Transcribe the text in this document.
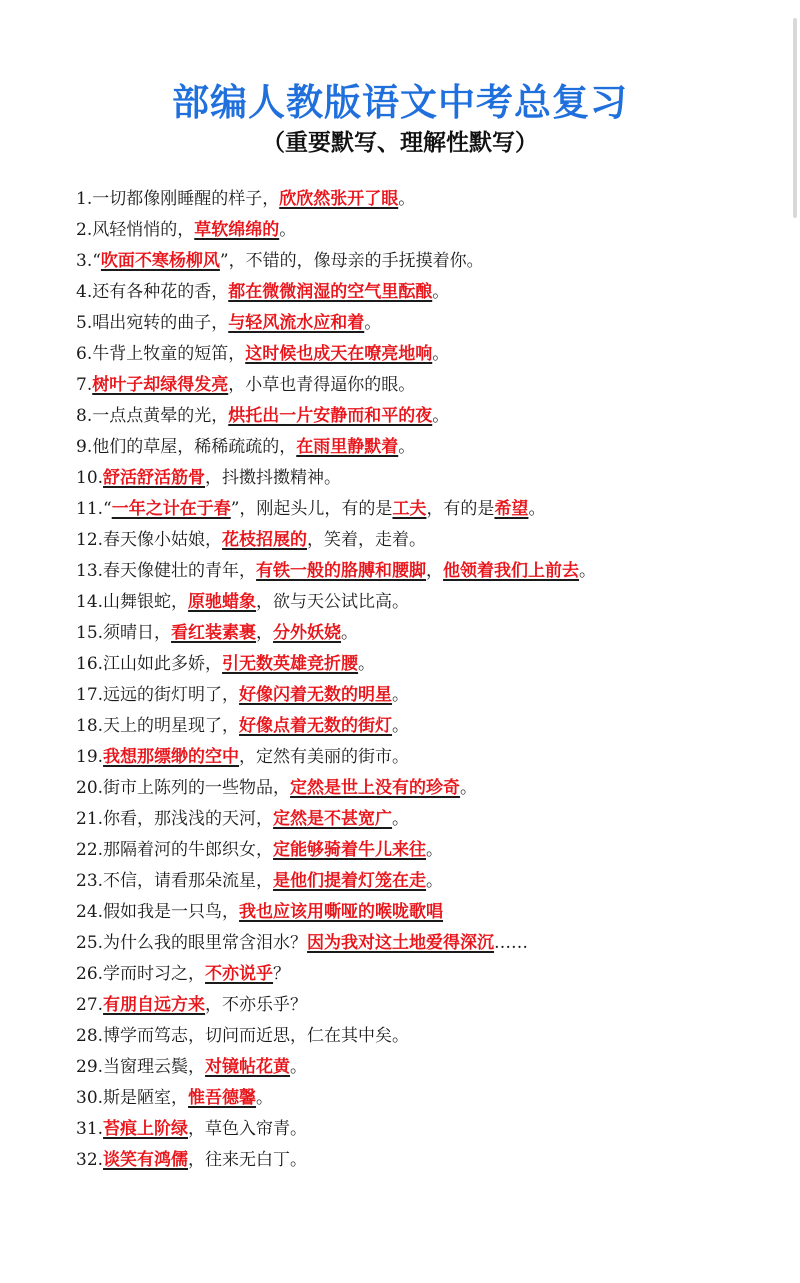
部编人教版语文中考总复习
（重要默写、理解性默写）
1.一切都像刚睡醒的样子，欣欣然张开了眼。
2.风轻悄悄的，草软绵绵的。
3.“吹面不寒杨柳风”，不错的，像母亲的手抚摸着你。
4.还有各种花的香，都在微微润湿的空气里酝酿。
5.唱出宛转的曲子，与轻风流水应和着。
6.牛背上牧童的短笛，这时候也成天在嘹亮地响。
7.树叶子却绿得发亮，小草也青得逼你的眼。
8.一点点黄晕的光，烘托出一片安静而和平的夜。
9.他们的草屋，稀稀疏疏的，在雨里静默着。
10.舒活舒活筋骨，抖擞抖擞精神。
11.“一年之计在于春”，刚起头儿，有的是工夫，有的是希望。
12.春天像小姑娘，花枝招展的，笑着，走着。
13.春天像健壮的青年，有铁一般的胳膊和腰脚，他领着我们上前去。
14.山舞银蛇，原驰蜡象，欲与天公试比高。
15.须晴日，看红装素裹，分外妖娆。
16.江山如此多娇，引无数英雄竞折腰。
17.远远的街灯明了，好像闪着无数的明星。
18.天上的明星现了，好像点着无数的街灯。
19.我想那缥缈的空中，定然有美丽的街市。
20.街市上陈列的一些物品，定然是世上没有的珍奇。
21.你看，那浅浅的天河，定然是不甚宽广。
22.那隔着河的牛郎织女，定能够骑着牛儿来往。
23.不信，请看那朵流星，是他们提着灯笼在走。
24.假如我是一只鸟，我也应该用嘶哑的喉咙歌唱
25.为什么我的眼里常含泪水？因为我对这土地爱得深沉……
26.学而时习之，不亦说乎？
27.有朋自远方来，不亦乐乎？
28.博学而笃志，切问而近思，仁在其中矣。
29.当窗理云鬓，对镜帖花黄。
30.斯是陋室，惟吾德馨。
31.苔痕上阶绿，草色入帘青。
32.谈笑有鸿儒，往来无白丁。
